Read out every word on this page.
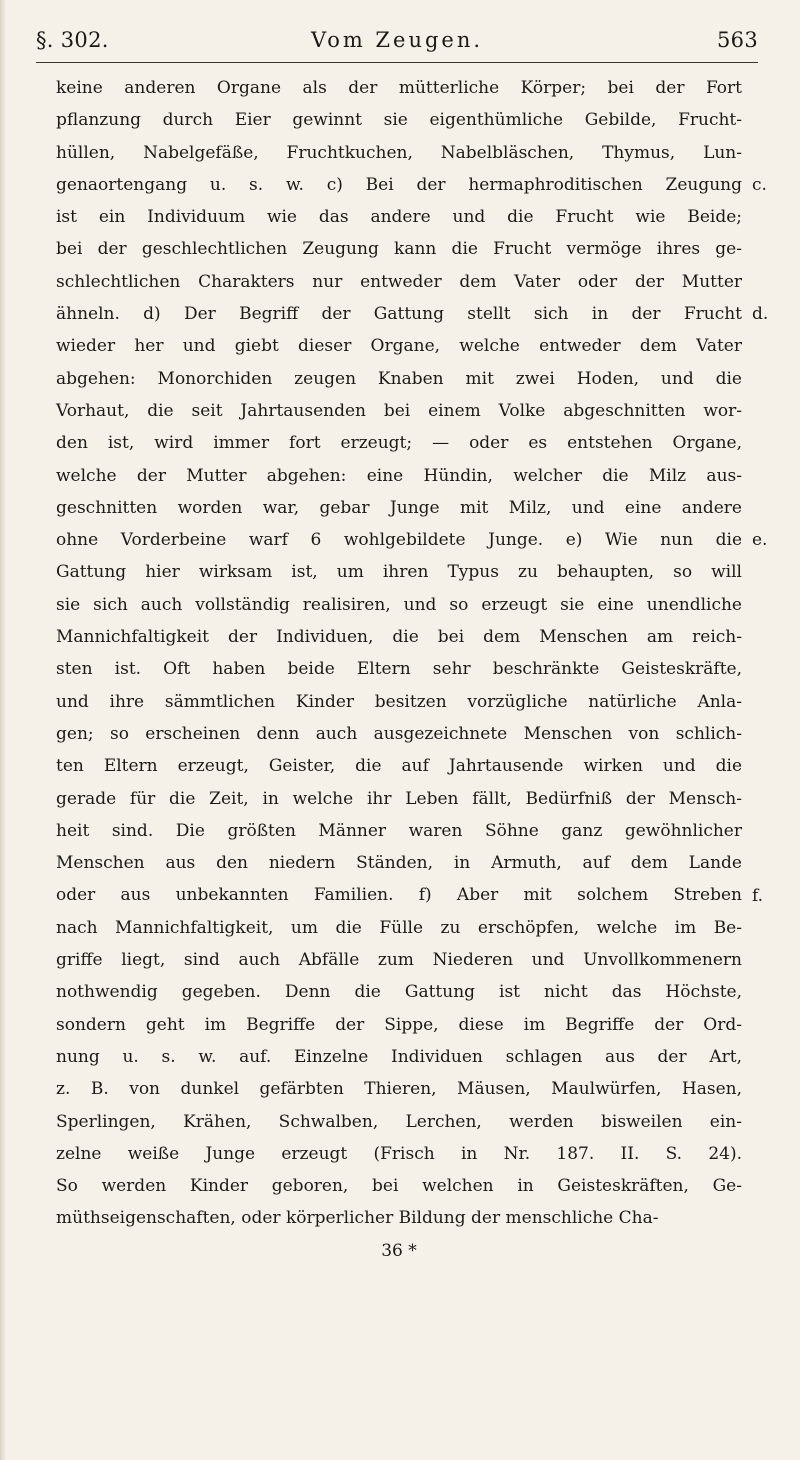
§. 302.	Vom Zeugen.	563
keine anderen Organe als der mütterliche Körper; bei der Fort
pflanzung durch Eier gewinnt sie eigenthümliche Gebilde, Frucht-
hüllen, Nabelgefäße, Fruchtkuchen, Nabelbläschen, Thymus, Lun-
genaortengang u. s. w. c) Bei der hermaphroditischen Zeugung
ist ein Individuum wie das andere und die Frucht wie Beide;
bei der geschlechtlichen Zeugung kann die Frucht vermöge ihres ge-
schlechtlichen Charakters nur entweder dem Vater oder der Mutter
ähneln. d) Der Begriff der Gattung stellt sich in der Frucht
wieder her und giebt dieser Organe, welche entweder dem Vater
abgehen: Monorchiden zeugen Knaben mit zwei Hoden, und die
Vorhaut, die seit Jahrtausenden bei einem Volke abgeschnitten wor-
den ist, wird immer fort erzeugt; — oder es entstehen Organe,
welche der Mutter abgehen: eine Hündin, welcher die Milz aus-
geschnitten worden war, gebar Junge mit Milz, und eine andere
ohne Vorderbeine warf 6 wohlgebildete Junge. e) Wie nun die
Gattung hier wirksam ist, um ihren Typus zu behaupten, so will
sie sich auch vollständig realisiren, und so erzeugt sie eine unendliche
Mannichfaltigkeit der Individuen, die bei dem Menschen am reich-
sten ist. Oft haben beide Eltern sehr beschränkte Geisteskräfte,
und ihre sämmtlichen Kinder besitzen vorzügliche natürliche Anla-
gen; so erscheinen denn auch ausgezeichnete Menschen von schlich-
ten Eltern erzeugt, Geister, die auf Jahrtausende wirken und die
gerade für die Zeit, in welche ihr Leben fällt, Bedürfniß der Mensch-
heit sind. Die größten Männer waren Söhne ganz gewöhnlicher
Menschen aus den niedern Ständen, in Armuth, auf dem Lande
oder aus unbekannten Familien. f) Aber mit solchem Streben
nach Mannichfaltigkeit, um die Fülle zu erschöpfen, welche im Be-
griffe liegt, sind auch Abfälle zum Niederen und Unvollkommenern
nothwendig gegeben. Denn die Gattung ist nicht das Höchste,
sondern geht im Begriffe der Sippe, diese im Begriffe der Ord-
nung u. s. w. auf. Einzelne Individuen schlagen aus der Art,
z. B. von dunkel gefärbten Thieren, Mäusen, Maulwürfen, Hasen,
Sperlingen, Krähen, Schwalben, Lerchen, werden bisweilen ein-
zelne weiße Junge erzeugt (Frisch in Nr. 187. II. S. 24).
So werden Kinder geboren, bei welchen in Geisteskräften, Ge-
müthseigenschaften, oder körperlicher Bildung der menschliche Cha-
36 *
c.
d.
e.
f.
